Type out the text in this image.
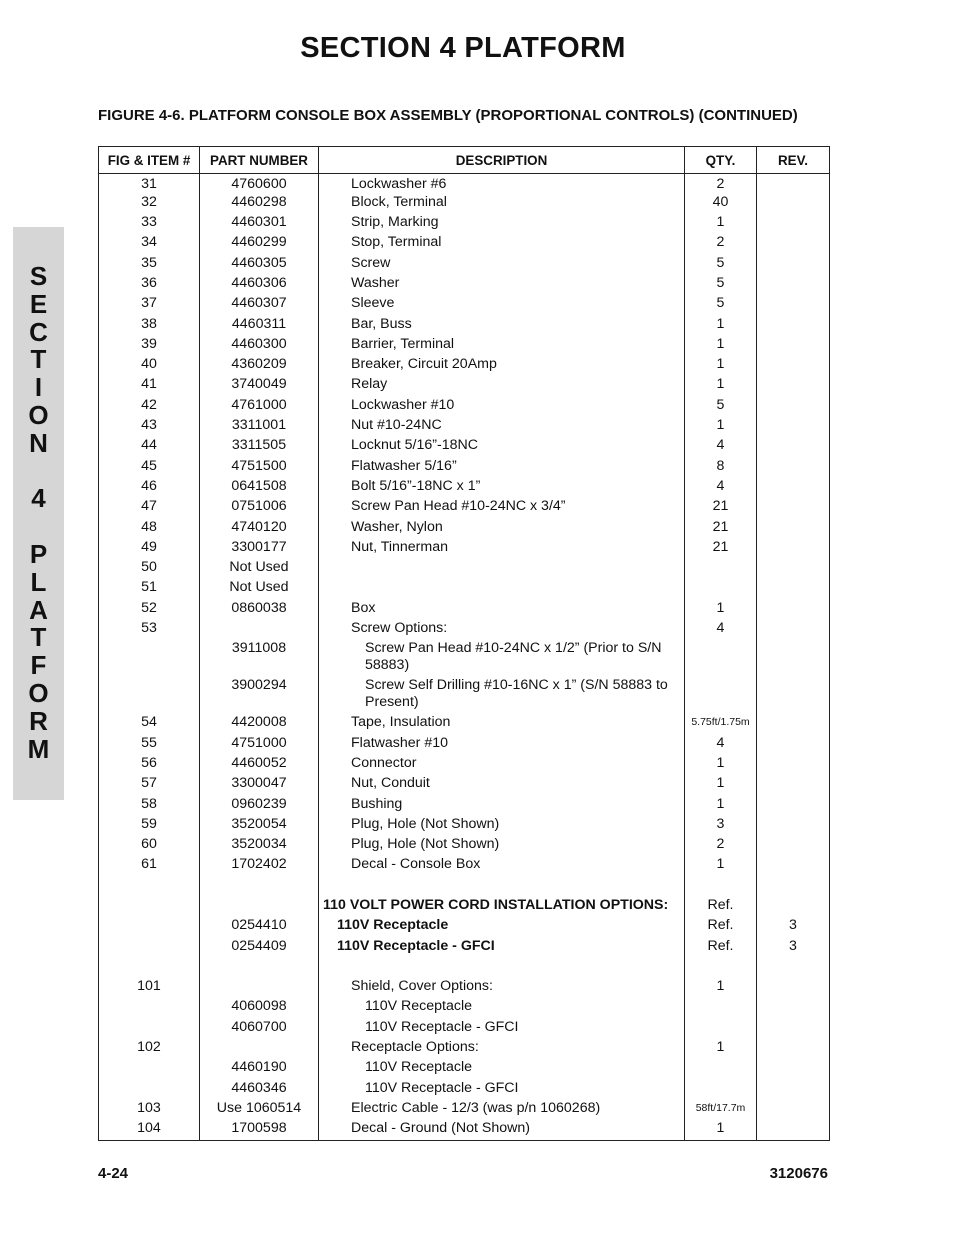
SECTION 4 PLATFORM
FIGURE 4-6. PLATFORM CONSOLE BOX ASSEMBLY (PROPORTIONAL CONTROLS) (CONTINUED)
S
E
C
T
I
O
N
4
P
L
A
T
F
O
R
M
FIG & ITEM #	PART NUMBER	DESCRIPTION	QTY.	REV.
31	4760600	Lockwasher #6	2	
32	4460298	Block, Terminal	40	
33	4460301	Strip, Marking	1	
34	4460299	Stop, Terminal	2	
35	4460305	Screw	5	
36	4460306	Washer	5	
37	4460307	Sleeve	5	
38	4460311	Bar, Buss	1	
39	4460300	Barrier, Terminal	1	
40	4360209	Breaker, Circuit 20Amp	1	
41	3740049	Relay	1	
42	4761000	Lockwasher #10	5	
43	3311001	Nut #10-24NC	1	
44	3311505	Locknut 5/16”-18NC	4	
45	4751500	Flatwasher 5/16”	8	
46	0641508	Bolt 5/16”-18NC x 1”	4	
47	0751006	Screw Pan Head #10-24NC x 3/4”	21	
48	4740120	Washer, Nylon	21	
49	3300177	Nut, Tinnerman	21	
50	Not Used	

51	Not Used	

52	0860038	Box	1	
53		Screw Options:	4	
	3911008	Screw Pan Head #10-24NC x 1/2” (Prior to S/N 58883)		

	3900294	Screw Self Drilling #10-16NC x 1” (S/N 58883 to Present)		

54	4420008	Tape, Insulation	5.75ft/1.75m	
55	4751000	Flatwasher #10	4	
56	4460052	Connector	1	
57	3300047	Nut, Conduit	1	
58	0960239	Bushing	1	
59	3520054	Plug, Hole (Not Shown)	3	
60	3520034	Plug, Hole (Not Shown)	2	
61	1702402	Decal - Console Box	1	

		110 VOLT POWER CORD INSTALLATION OPTIONS:	Ref.	
	0254410	110V Receptacle	Ref.	3
	0254409	110V Receptacle - GFCI	Ref.	3

101		Shield, Cover Options:	1	
	4060098	110V Receptacle		

	4060700	110V Receptacle - GFCI		

102		Receptacle Options:	1	
	4460190	110V Receptacle		

	4460346	110V Receptacle - GFCI		

103	Use 1060514	Electric Cable - 12/3 (was p/n 1060268)	58ft/17.7m	
104	1700598	Decal - Ground (Not Shown)	1	
4-24	3120676
